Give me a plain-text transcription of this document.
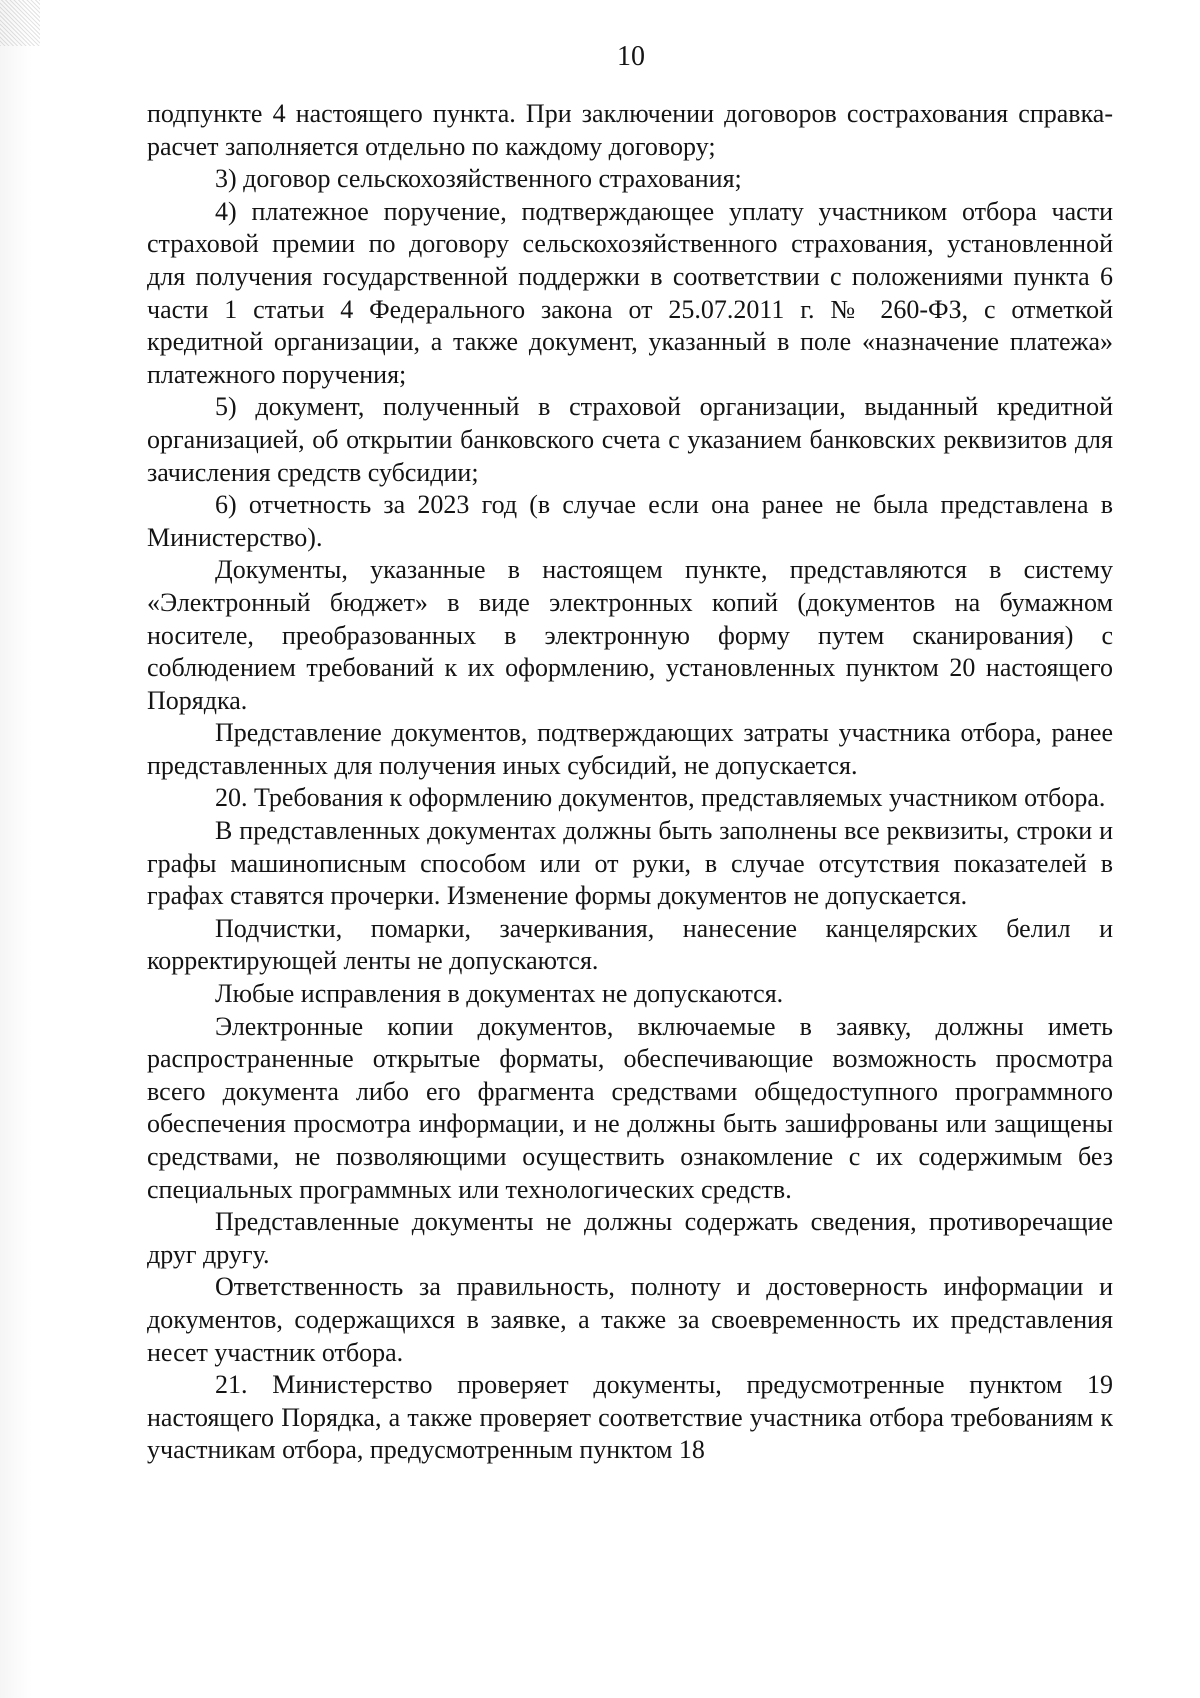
10

подпункте 4 настоящего пункта. При заключении договоров сострахования справка-расчет заполняется отдельно по каждому договору;

3) договор сельскохозяйственного страхования;

4) платежное поручение, подтверждающее уплату участником отбора части страховой премии по договору сельскохозяйственного страхования, установленной для получения государственной поддержки в соответствии с положениями пункта 6 части 1 статьи 4 Федерального закона от 25.07.2011 г. № 260-ФЗ, с отметкой кредитной организации, а также документ, указанный в поле «назначение платежа» платежного поручения;

5) документ, полученный в страховой организации, выданный кредитной организацией, об открытии банковского счета с указанием банковских реквизитов для зачисления средств субсидии;

6) отчетность за 2023 год (в случае если она ранее не была представлена в Министерство).

Документы, указанные в настоящем пункте, представляются в систему «Электронный бюджет» в виде электронных копий (документов на бумажном носителе, преобразованных в электронную форму путем сканирования) с соблюдением требований к их оформлению, установленных пунктом 20 настоящего Порядка.

Представление документов, подтверждающих затраты участника отбора, ранее представленных для получения иных субсидий, не допускается.

20. Требования к оформлению документов, представляемых участником отбора.

В представленных документах должны быть заполнены все реквизиты, строки и графы машинописным способом или от руки, в случае отсутствия показателей в графах ставятся прочерки. Изменение формы документов не допускается.

Подчистки, помарки, зачеркивания, нанесение канцелярских белил и корректирующей ленты не допускаются.

Любые исправления в документах не допускаются.

Электронные копии документов, включаемые в заявку, должны иметь распространенные открытые форматы, обеспечивающие возможность просмотра всего документа либо его фрагмента средствами общедоступного программного обеспечения просмотра информации, и не должны быть зашифрованы или защищены средствами, не позволяющими осуществить ознакомление с их содержимым без специальных программных или технологических средств.

Представленные документы не должны содержать сведения, противоречащие друг другу.

Ответственность за правильность, полноту и достоверность информации и документов, содержащихся в заявке, а также за своевременность их представления несет участник отбора.

21. Министерство проверяет документы, предусмотренные пунктом 19 настоящего Порядка, а также проверяет соответствие участника отбора требованиям к участникам отбора, предусмотренным пунктом 18
